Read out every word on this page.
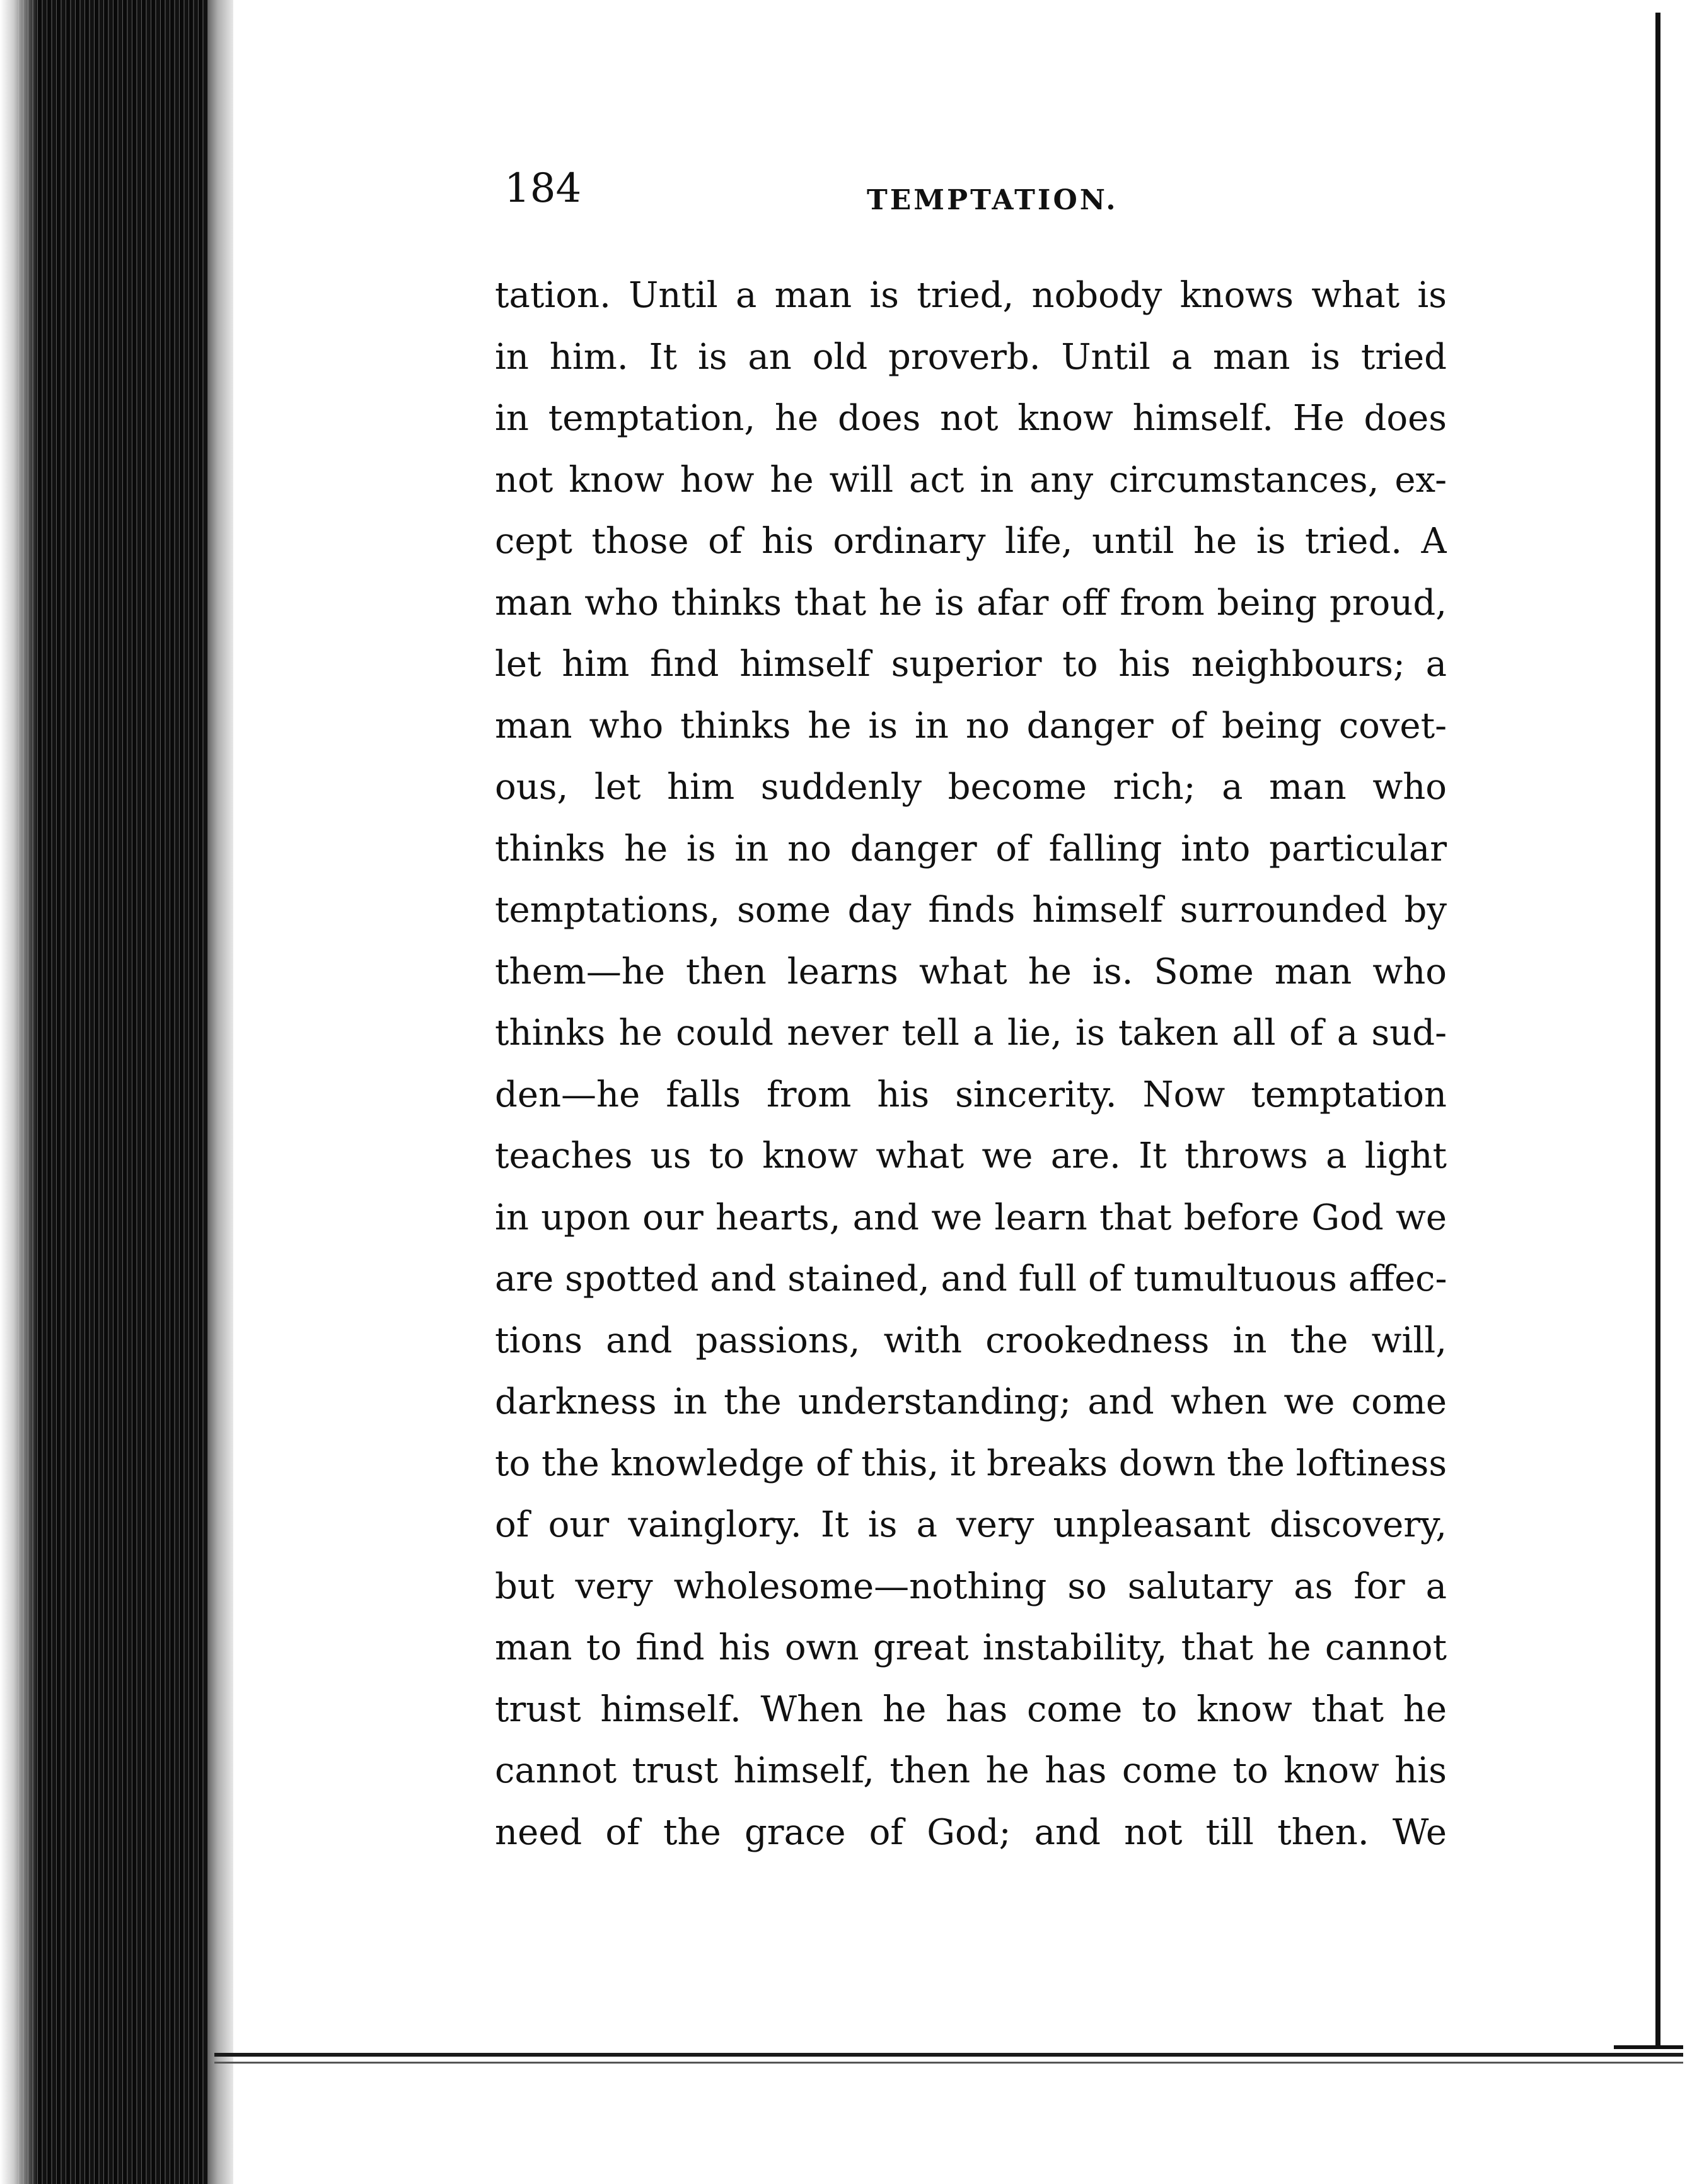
184	TEMPTATION.

tation. Until a man is tried, nobody knows what is
in him. It is an old proverb. Until a man is tried
in temptation, he does not know himself. He does
not know how he will act in any circumstances, ex-
cept those of his ordinary life, until he is tried. A
man who thinks that he is afar off from being proud,
let him find himself superior to his neighbours; a
man who thinks he is in no danger of being covet-
ous, let him suddenly become rich; a man who
thinks he is in no danger of falling into particular
temptations, some day finds himself surrounded by
them—he then learns what he is. Some man who
thinks he could never tell a lie, is taken all of a sud-
den—he falls from his sincerity. Now temptation
teaches us to know what we are. It throws a light
in upon our hearts, and we learn that before God we
are spotted and stained, and full of tumultuous affec-
tions and passions, with crookedness in the will,
darkness in the understanding; and when we come
to the knowledge of this, it breaks down the loftiness
of our vainglory. It is a very unpleasant discovery,
but very wholesome—nothing so salutary as for a
man to find his own great instability, that he cannot
trust himself. When he has come to know that he
cannot trust himself, then he has come to know his
need of the grace of God; and not till then. We
